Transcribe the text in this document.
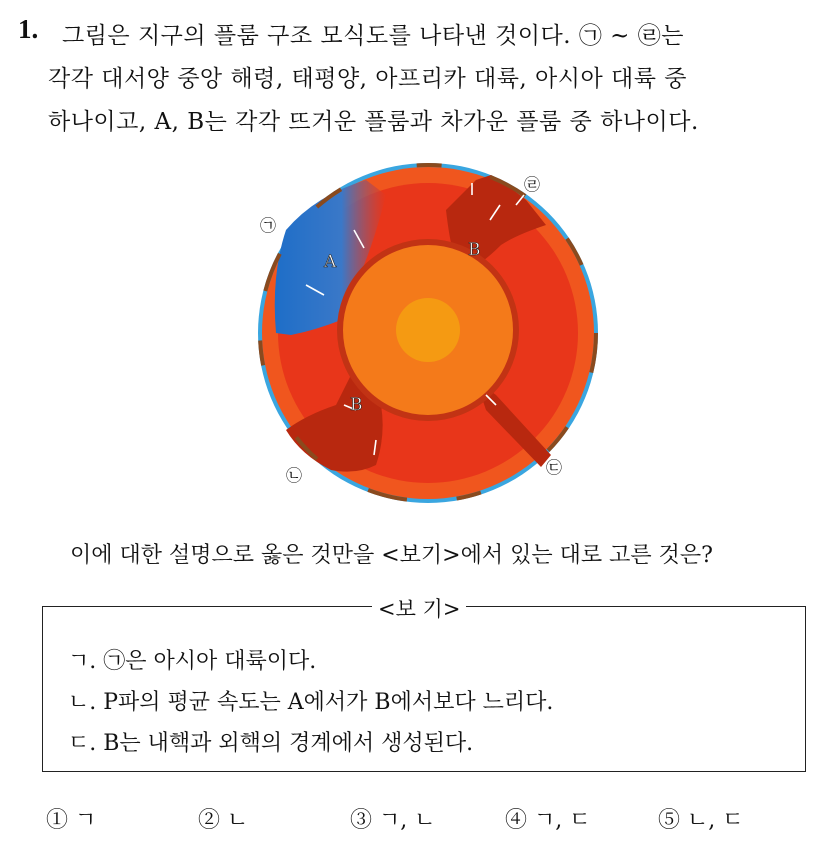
1. 그림은 지구의 플룸 구조 모식도를 나타낸 것이다. ㉠ ~ ㉣는
각각 대서양 중앙 해령, 태평양, 아프리카 대륙, 아시아 대륙 중
하나이고, A, B는 각각 뜨거운 플룸과 차가운 플룸 중 하나이다.
A
B
B
㉠
㉡	㉢
㉣
이에 대한 설명으로 옳은 것만을 <보기>에서 있는 대로 고른 것은?
<보 기>
ㄱ. ㉠은 아시아 대륙이다.
ㄴ. P파의 평균 속도는 A에서가 B에서보다 느리다.
ㄷ. B는 내핵과 외핵의 경계에서 생성된다.
① ㄱ	② ㄴ	③ ㄱ, ㄴ	④ ㄱ, ㄷ	⑤ ㄴ, ㄷ
